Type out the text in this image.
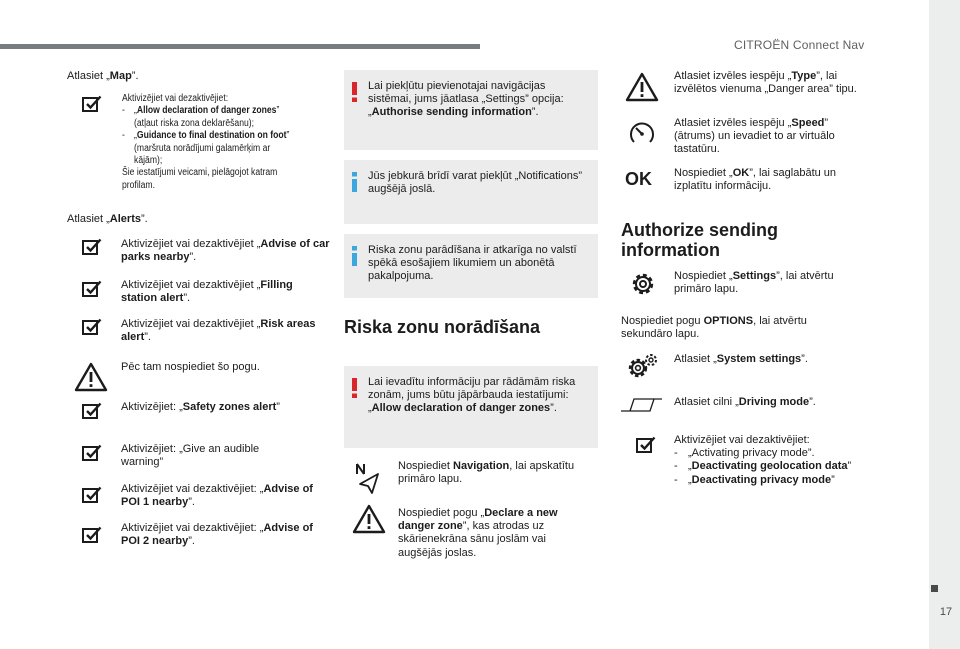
CITROËN Connect Nav
17
Atlasiet „Map”.
Aktivizējiet vai dezaktivējiet:
- „Allow declaration of danger zones” (atļaut riska zona deklarēšanu);
- „Guidance to final destination on foot” (maršruta norādījumi galamērķim ar kājām);
Šie iestatījumi veicami, pielāgojot katram profilam.
Atlasiet „Alerts”.
Aktivizējiet vai dezaktivējiet „Advise of car parks nearby”.
Aktivizējiet vai dezaktivējiet „Filling station alert”.
Aktivizējiet vai dezaktivējiet „Risk areas alert”.
Pēc tam nospiediet šo pogu.
Aktivizējiet: „Safety zones alert”
Aktivizējiet: „Give an audible warning”
Aktivizējiet vai dezaktivējiet: „Advise of POI 1 nearby”.
Aktivizējiet vai dezaktivējiet: „Advise of POI 2 nearby”.
Lai piekļūtu pievienotajai navigācijas sistēmai, jums jāatlasa „Settings” opcija: „Authorise sending information”.
Jūs jebkurā brīdī varat piekļūt „Notifications” augšējā joslā.
Riska zonu parādīšana ir atkarīga no valstī spēkā esošajiem likumiem un abonētā pakalpojuma.
Riska zonu norādīšana
Lai ievadītu informāciju par rādāmām riska zonām, jums būtu jāpārbauda iestatījumi: „Allow declaration of danger zones”.
Nospiediet Navigation, lai apskatītu primāro lapu.
Nospiediet pogu „Declare a new danger zone”, kas atrodas uz skārienekrāna sānu joslām vai augšējās joslas.
Atlasiet izvēles iespēju „Type”, lai izvēlētos vienuma „Danger area” tipu.
Atlasiet izvēles iespēju „Speed” (ātrums) un ievadiet to ar virtuālo tastatūru.
OK Nospiediet „OK”, lai saglabātu un izplatītu informāciju.
Authorize sending information
Nospiediet „Settings”, lai atvērtu primāro lapu.
Nospiediet pogu OPTIONS, lai atvērtu sekundāro lapu.
Atlasiet „System settings”.
Atlasiet cilni „Driving mode”.
Aktivizējiet vai dezaktivējiet:
- „Activating privacy mode”.
- „Deactivating geolocation data”
- „Deactivating privacy mode”
